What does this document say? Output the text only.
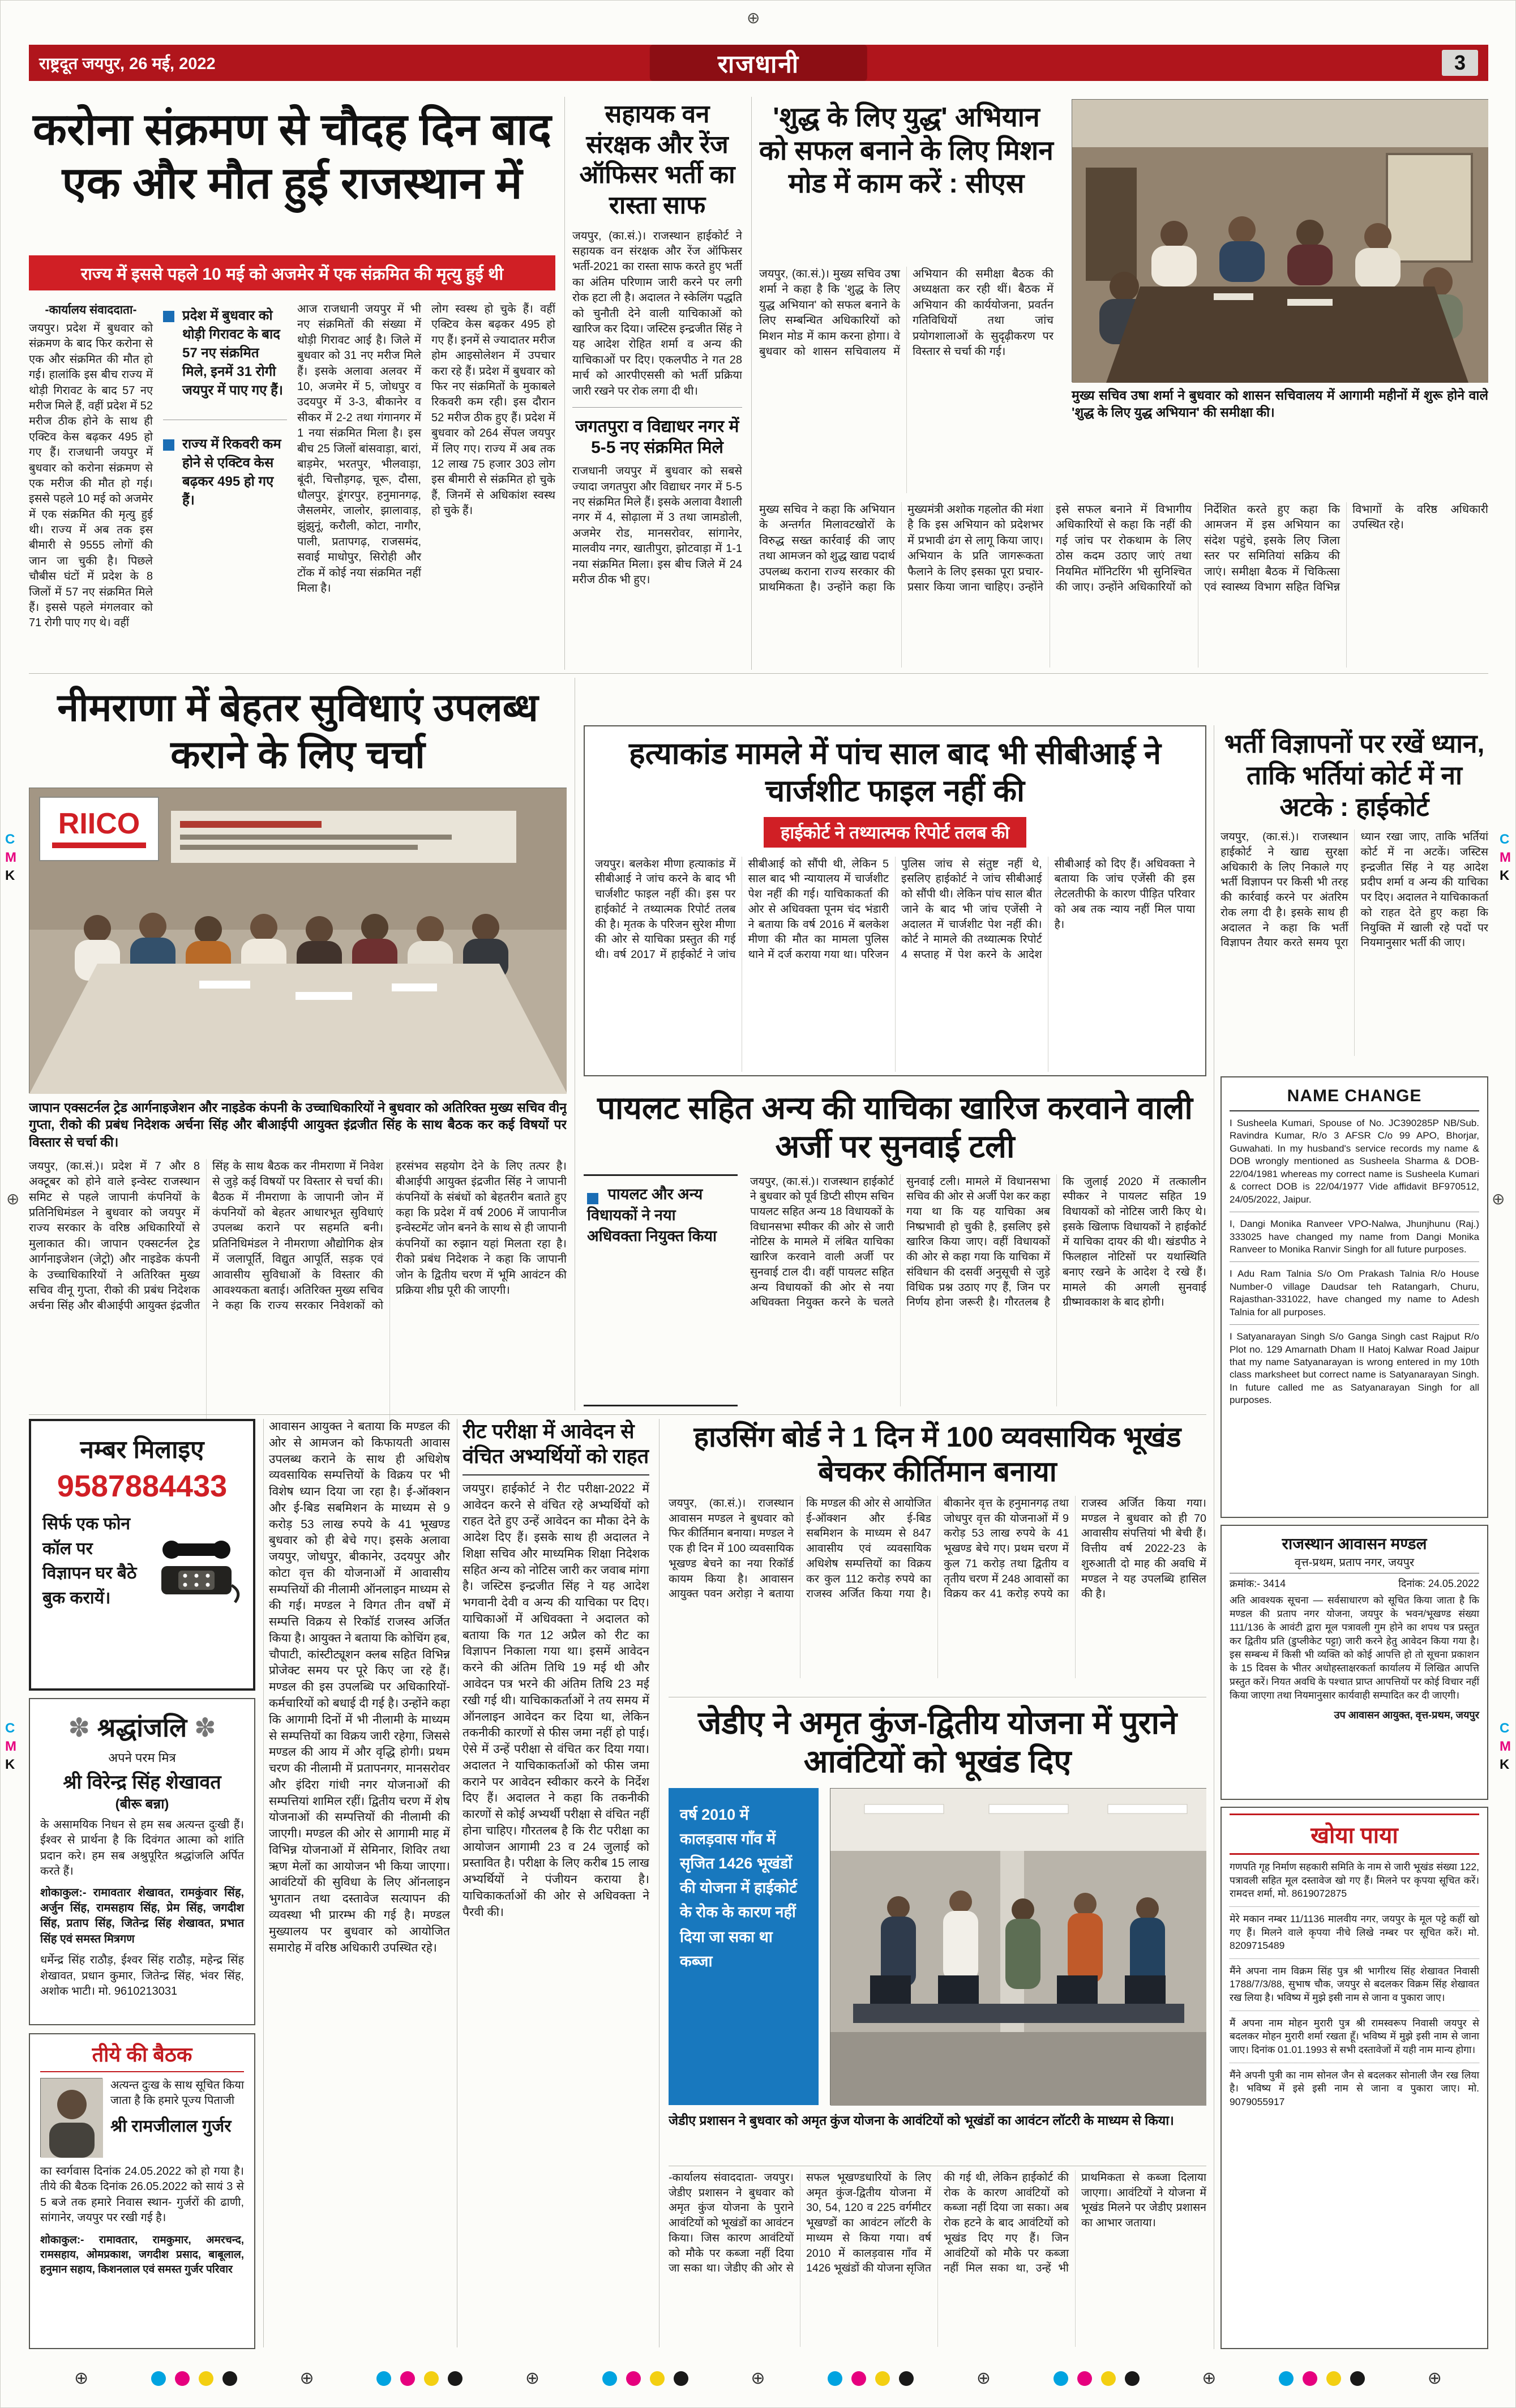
⊕
⊕
⊕
C
M
K
C
M
K
C
M
K
C
M
K
राष्ट्रदूत जयपुर, 26 मई, 2022	राजधानी	3
करोना संक्रमण से चौदह दिन बाद एक और मौत हुई राजस्थान में
राज्य में इससे पहले 10 मई को अजमेर में एक संक्रमित की मृत्यु हुई थी
-कार्यालय संवाददाता-
जयपुर। प्रदेश में बुधवार को संक्रमण के बाद फिर करोना से एक और संक्रमित की मौत हो गई। हालांकि इस बीच राज्य में थोड़ी गिरावट के बाद 57 नए मरीज मिले हैं, वहीं प्रदेश में 52 मरीज ठीक होने के साथ ही एक्टिव केस बढ़कर 495 हो गए हैं। राजधानी जयपुर में बुधवार को करोना संक्रमण से एक मरीज की मौत हो गई। इससे पहले 10 मई को अजमेर में एक संक्रमित की मृत्यु हुई थी। राज्य में अब तक इस बीमारी से 9555 लोगों की जान जा चुकी है। पिछले चौबीस घंटों में प्रदेश के 8 जिलों में 57 नए संक्रमित मिले हैं। इससे पहले मंगलवार को 71 रोगी पाए गए थे। वहीं
प्रदेश में बुधवार को थोड़ी गिरावट के बाद 57 नए संक्रमित मिले, इनमें 31 रोगी जयपुर में पाए गए हैं।
राज्य में रिकवरी कम होने से एक्टिव केस बढ़कर 495 हो गए हैं।
आज राजधानी जयपुर में भी नए संक्रमितों की संख्या में थोड़ी गिरावट आई है। जिले में बुधवार को 31 नए मरीज मिले हैं। इसके अलावा अलवर में 10, अजमेर में 5, जोधपुर व उदयपुर में 3-3, बीकानेर व सीकर में 2-2 तथा गंगानगर में 1 नया संक्रमित मिला है। इस बीच 25 जिलों बांसवाड़ा, बारां, बाड़मेर, भरतपुर, भीलवाड़ा, बूंदी, चित्तौड़गढ़, चूरू, दौसा, धौलपुर, डूंगरपुर, हनुमानगढ़, जैसलमेर, जालोर, झालावाड़, झुंझुनूं, करौली, कोटा, नागौर, पाली, प्रतापगढ़, राजसमंद, सवाई माधोपुर, सिरोही और टोंक में कोई नया संक्रमित नहीं मिला है।
लोग स्वस्थ हो चुके हैं। वहीं एक्टिव केस बढ़कर 495 हो गए हैं। इनमें से ज्यादातर मरीज होम आइसोलेशन में उपचार करा रहे हैं। प्रदेश में बुधवार को फिर नए संक्रमितों के मुकाबले रिकवरी कम रही। इस दौरान 52 मरीज ठीक हुए हैं। प्रदेश में बुधवार को 264 सेंपल जयपुर में लिए गए। राज्य में अब तक 12 लाख 75 हजार 303 लोग इस बीमारी से संक्रमित हो चुके हैं, जिनमें से अधिकांश स्वस्थ हो चुके हैं।
सहायक वन संरक्षक और रेंज ऑफिसर भर्ती का रास्ता साफ
जयपुर, (का.सं.)। राजस्थान हाईकोर्ट ने सहायक वन संरक्षक और रेंज ऑफिसर भर्ती-2021 का रास्ता साफ करते हुए भर्ती का अंतिम परिणाम जारी करने पर लगी रोक हटा ली है। अदालत ने स्केलिंग पद्धति को चुनौती देने वाली याचिकाओं को खारिज कर दिया। जस्टिस इन्द्रजीत सिंह ने यह आदेश रोहित शर्मा व अन्य की याचिकाओं पर दिए। एकलपीठ ने गत 28 मार्च को आरपीएससी को भर्ती प्रक्रिया जारी रखने पर रोक लगा दी थी।
जगतपुरा व विद्याधर नगर में 5-5 नए संक्रमित मिले
राजधानी जयपुर में बुधवार को सबसे ज्यादा जगतपुरा और विद्याधर नगर में 5-5 नए संक्रमित मिले हैं। इसके अलावा वैशाली नगर में 4, सोढ़ाला में 3 तथा जामडोली, अजमेर रोड, मानसरोवर, सांगानेर, मालवीय नगर, खातीपुरा, झोटवाड़ा में 1-1 नया संक्रमित मिला। इस बीच जिले में 24 मरीज ठीक भी हुए।
'शुद्ध के लिए युद्ध' अभियान को सफल बनाने के लिए मिशन मोड में काम करें : सीएस
मुख्य सचिव उषा शर्मा ने बुधवार को शासन सचिवालय में आगामी महीनों में शुरू होने वाले 'शुद्ध के लिए युद्ध अभियान' की समीक्षा की।
जयपुर, (का.सं.)। मुख्य सचिव उषा शर्मा ने कहा है कि 'शुद्ध के लिए युद्ध अभियान' को सफल बनाने के लिए सम्बन्धित अधिकारियों को मिशन मोड में काम करना होगा। वे बुधवार को शासन सचिवालय में अभियान की समीक्षा बैठक की अध्यक्षता कर रही थीं। बैठक में अभियान की कार्ययोजना, प्रवर्तन गतिविधियों तथा जांच प्रयोगशालाओं के सुदृढ़ीकरण पर विस्तार से चर्चा की गई।
मुख्य सचिव ने कहा कि अभियान के अन्तर्गत मिलावटखोरों के विरुद्ध सख्त कार्रवाई की जाए तथा आमजन को शुद्ध खाद्य पदार्थ उपलब्ध कराना राज्य सरकार की प्राथमिकता है। उन्होंने कहा कि मुख्यमंत्री अशोक गहलोत की मंशा है कि इस अभियान को प्रदेशभर में प्रभावी ढंग से लागू किया जाए। अभियान के प्रति जागरूकता फैलाने के लिए इसका पूरा प्रचार-प्रसार किया जाना चाहिए। उन्होंने इसे सफल बनाने में विभागीय अधिकारियों से कहा कि नहीं की गई जांच पर रोकथाम के लिए ठोस कदम उठाए जाएं तथा नियमित मॉनिटरिंग भी सुनिश्चित की जाए। उन्होंने अधिकारियों को निर्देशित करते हुए कहा कि आमजन में इस अभियान का संदेश पहुंचे, इसके लिए जिला स्तर पर समितियां सक्रिय की जाएं। समीक्षा बैठक में चिकित्सा एवं स्वास्थ्य विभाग सहित विभिन्न विभागों के वरिष्ठ अधिकारी उपस्थित रहे।
नीमराणा में बेहतर सुविधाएं उपलब्ध कराने के लिए चर्चा
RIICO
जापान एक्सटर्नल ट्रेड आर्गनाइजेशन और नाइडेक कंपनी के उच्चाधिकारियों ने बुधवार को अतिरिक्त मुख्य सचिव वीनू गुप्ता, रीको की प्रबंध निदेशक अर्चना सिंह और बीआईपी आयुक्त इंद्रजीत सिंह के साथ बैठक कर कई विषयों पर विस्तार से चर्चा की।
जयपुर, (का.सं.)। प्रदेश में 7 और 8 अक्टूबर को होने वाले इन्वेस्ट राजस्थान समिट से पहले जापानी कंपनियों के प्रतिनिधिमंडल ने बुधवार को जयपुर में राज्य सरकार के वरिष्ठ अधिकारियों से मुलाकात की। जापान एक्सटर्नल ट्रेड आर्गनाइजेशन (जेट्रो) और नाइडेक कंपनी के उच्चाधिकारियों ने अतिरिक्त मुख्य सचिव वीनू गुप्ता, रीको की प्रबंध निदेशक अर्चना सिंह और बीआईपी आयुक्त इंद्रजीत सिंह के साथ बैठक कर नीमराणा में निवेश से जुड़े कई विषयों पर विस्तार से चर्चा की। बैठक में नीमराणा के जापानी जोन में कंपनियों को बेहतर आधारभूत सुविधाएं उपलब्ध कराने पर सहमति बनी। प्रतिनिधिमंडल ने नीमराणा औद्योगिक क्षेत्र में जलापूर्ति, विद्युत आपूर्ति, सड़क एवं आवासीय सुविधाओं के विस्तार की आवश्यकता बताई। अतिरिक्त मुख्य सचिव ने कहा कि राज्य सरकार निवेशकों को हरसंभव सहयोग देने के लिए तत्पर है। बीआईपी आयुक्त इंद्रजीत सिंह ने जापानी कंपनियों के संबंधों को बेहतरीन बताते हुए कहा कि प्रदेश में वर्ष 2006 में जापानीज इन्वेस्टमेंट जोन बनने के साथ से ही जापानी कंपनियों का रुझान यहां मिलता रहा है। रीको प्रबंध निदेशक ने कहा कि जापानी जोन के द्वितीय चरण में भूमि आवंटन की प्रक्रिया शीघ्र पूरी की जाएगी।
हत्याकांड मामले में पांच साल बाद भी सीबीआई ने चार्जशीट फाइल नहीं की
हाईकोर्ट ने तथ्यात्मक रिपोर्ट तलब की
जयपुर। बलकेश मीणा हत्याकांड में सीबीआई ने जांच करने के बाद भी चार्जशीट फाइल नहीं की। इस पर हाईकोर्ट ने तथ्यात्मक रिपोर्ट तलब की है। मृतक के परिजन सुरेश मीणा की ओर से याचिका प्रस्तुत की गई थी। वर्ष 2017 में हाईकोर्ट ने जांच सीबीआई को सौंपी थी, लेकिन 5 साल बाद भी न्यायालय में चार्जशीट पेश नहीं की गई। याचिकाकर्ता की ओर से अधिवक्ता पूनम चंद भंडारी ने बताया कि वर्ष 2016 में बलकेश मीणा की मौत का मामला पुलिस थाने में दर्ज कराया गया था। परिजन पुलिस जांच से संतुष्ट नहीं थे, इसलिए हाईकोर्ट ने जांच सीबीआई को सौंपी थी। लेकिन पांच साल बीत जाने के बाद भी जांच एजेंसी ने अदालत में चार्जशीट पेश नहीं की। कोर्ट ने मामले की तथ्यात्मक रिपोर्ट 4 सप्ताह में पेश करने के आदेश सीबीआई को दिए हैं। अधिवक्ता ने बताया कि जांच एजेंसी की इस लेटलतीफी के कारण पीड़ित परिवार को अब तक न्याय नहीं मिल पाया है।
पायलट सहित अन्य की याचिका खारिज करवाने वाली अर्जी पर सुनवाई टली
पायलट और अन्य विधायकों ने नया अधिवक्ता नियुक्त किया
जयपुर, (का.सं.)। राजस्थान हाईकोर्ट ने बुधवार को पूर्व डिप्टी सीएम सचिन पायलट सहित अन्य 18 विधायकों के विधानसभा स्पीकर की ओर से जारी नोटिस के मामले में लंबित याचिका खारिज करवाने वाली अर्जी पर सुनवाई टाल दी। वहीं पायलट सहित अन्य विधायकों की ओर से नया अधिवक्ता नियुक्त करने के चलते सुनवाई टली। मामले में विधानसभा सचिव की ओर से अर्जी पेश कर कहा गया था कि यह याचिका अब निष्प्रभावी हो चुकी है, इसलिए इसे खारिज किया जाए। वहीं विधायकों की ओर से कहा गया कि याचिका में संविधान की दसवीं अनुसूची से जुड़े विधिक प्रश्न उठाए गए हैं, जिन पर निर्णय होना जरूरी है। गौरतलब है कि जुलाई 2020 में तत्कालीन स्पीकर ने पायलट सहित 19 विधायकों को नोटिस जारी किए थे। इसके खिलाफ विधायकों ने हाईकोर्ट में याचिका दायर की थी। खंडपीठ ने फिलहाल नोटिसों पर यथास्थिति बनाए रखने के आदेश दे रखे हैं। मामले की अगली सुनवाई ग्रीष्मावकाश के बाद होगी।
भर्ती विज्ञापनों पर रखें ध्यान, ताकि भर्तियां कोर्ट में ना अटके : हाईकोर्ट
जयपुर, (का.सं.)। राजस्थान हाईकोर्ट ने खाद्य सुरक्षा अधिकारी के लिए निकाले गए भर्ती विज्ञापन पर किसी भी तरह की कार्रवाई करने पर अंतरिम रोक लगा दी है। इसके साथ ही अदालत ने कहा कि भर्ती विज्ञापन तैयार करते समय पूरा ध्यान रखा जाए, ताकि भर्तियां कोर्ट में ना अटकें। जस्टिस इन्द्रजीत सिंह ने यह आदेश प्रदीप शर्मा व अन्य की याचिका पर दिए। अदालत ने याचिकाकर्ता को राहत देते हुए कहा कि नियुक्ति में खाली रहे पदों पर नियमानुसार भर्ती की जाए।
NAME CHANGE

I Susheela Kumari, Spouse of No. JC390285P NB/Sub. Ravindra Kumar, R/o 3 AFSR C/o 99 APO, Bhorjar, Guwahati. In my husband's service records my name & DOB wrongly mentioned as Susheela Sharma & DOB-22/04/1981 whereas my correct name is Susheela Kumari & correct DOB is 22/04/1977 Vide affidavit BF970512, 24/05/2022, Jaipur.

I, Dangi Monika Ranveer VPO-Nalwa, Jhunjhunu (Raj.) 333025 have changed my name from Dangi Monika Ranveer to Monika Ranvir Singh for all future purposes.

I Adu Ram Talnia S/o Om Prakash Talnia R/o House Number-0 village Daudsar teh Ratangarh, Churu, Rajasthan-331022, have changed my name to Adesh Talnia for all purposes.

I Satyanarayan Singh S/o Ganga Singh cast Rajput R/o Plot no. 129 Amarnath Dham II Hatoj Kalwar Road Jaipur that my name Satyanarayan is wrong entered in my 10th class marksheet but correct name is Satyanarayan Singh. In future called me as Satyanarayan Singh for all purposes.

राजस्थान आवासन मण्डल
वृत्त-प्रथम, प्रताप नगर, जयपुर
क्रमांक:- 3414	दिनांक: 24.05.2022
अति आवश्यक सूचना — सर्वसाधारण को सूचित किया जाता है कि मण्डल की प्रताप नगर योजना, जयपुर के भवन/भूखण्ड संख्या 111/136 के आवंटी द्वारा मूल पत्रावली गुम होने का शपथ पत्र प्रस्तुत कर द्वितीय प्रति (डुप्लीकेट पट्टा) जारी करने हेतु आवेदन किया गया है। इस सम्बन्ध में किसी भी व्यक्ति को कोई आपत्ति हो तो सूचना प्रकाशन के 15 दिवस के भीतर अधोहस्ताक्षरकर्ता कार्यालय में लिखित आपत्ति प्रस्तुत करें। नियत अवधि के पश्चात प्राप्त आपत्तियों पर कोई विचार नहीं किया जाएगा तथा नियमानुसार कार्यवाही सम्पादित कर दी जाएगी।
उप आवासन आयुक्त, वृत्त-प्रथम, जयपुर
खोया पाया

गणपति गृह निर्माण सहकारी समिति के नाम से जारी भूखंड संख्या 122, पत्रावली सहित मूल दस्तावेज खो गए हैं। मिलने पर कृपया सूचित करें। रामदत्त शर्मा, मो. 8619072875

मेरे मकान नम्बर 11/1136 मालवीय नगर, जयपुर के मूल पट्टे कहीं खो गए हैं। मिलने वाले कृपया नीचे लिखे नम्बर पर सूचित करें। मो. 8209715489

मैंने अपना नाम विक्रम सिंह पुत्र श्री भागीरथ सिंह शेखावत निवासी 1788/7/3/88, सुभाष चौक, जयपुर से बदलकर विक्रम सिंह शेखावत रख लिया है। भविष्य में मुझे इसी नाम से जाना व पुकारा जाए।

मैं अपना नाम मोहन मुरारी पुत्र श्री रामस्वरूप निवासी जयपुर से बदलकर मोहन मुरारी शर्मा रखता हूँ। भविष्य में मुझे इसी नाम से जाना जाए। दिनांक 01.01.1993 से सभी दस्तावेजों में यही नाम मान्य होगा।

मैंने अपनी पुत्री का नाम सोनल जैन से बदलकर सोनाली जैन रख लिया है। भविष्य में इसे इसी नाम से जाना व पुकारा जाए। मो. 9079055917

नम्बर मिलाइए
9587884433
सिर्फ एक फोन कॉल पर विज्ञापन घर बैठे बुक करायें।
✽ श्रद्धांजलि ✽
अपने परम मित्र
श्री विरेन्द्र सिंह शेखावत
(बीरू बन्ना)
के असामयिक निधन से हम सब अत्यन्त दुःखी हैं। ईश्वर से प्रार्थना है कि दिवंगत आत्मा को शांति प्रदान करे। हम सब अश्रुपूरित श्रद्धांजलि अर्पित करते हैं।
शोकाकुल:- रामावतार शेखावत, रामकुंवार सिंह, अर्जुन सिंह, रामसहाय सिंह, प्रेम सिंह, जगदीश सिंह, प्रताप सिंह, जितेन्द्र सिंह शेखावत, प्रभात सिंह एवं समस्त मित्रगण
धर्मेन्द्र सिंह राठौड़, ईश्वर सिंह राठौड़, महेन्द्र सिंह शेखावत, प्रधान कुमार, जितेन्द्र सिंह, भंवर सिंह, अशोक भाटी। मो. 9610213031
तीये की बैठक
अत्यन्त दुःख के साथ सूचित किया जाता है कि हमारे पूज्य पिताजी
श्री रामजीलाल गुर्जर
का स्वर्गवास दिनांक 24.05.2022 को हो गया है। तीये की बैठक दिनांक 26.05.2022 को सायं 3 से 5 बजे तक हमारे निवास स्थान- गुर्जरों की ढाणी, सांगानेर, जयपुर पर रखी गई है।
शोकाकुल:- रामावतार, रामकुमार, अमरचन्द, रामसहाय, ओमप्रकाश, जगदीश प्रसाद, बाबूलाल, हनुमान सहाय, किशनलाल एवं समस्त गुर्जर परिवार
आवासन आयुक्त ने बताया कि मण्डल की ओर से आमजन को किफायती आवास उपलब्ध कराने के साथ ही अधिशेष व्यवसायिक सम्पत्तियों के विक्रय पर भी विशेष ध्यान दिया जा रहा है। ई-ऑक्शन और ई-बिड सबमिशन के माध्यम से 9 करोड़ 53 लाख रुपये के 41 भूखण्ड बुधवार को ही बेचे गए। इसके अलावा जयपुर, जोधपुर, बीकानेर, उदयपुर और कोटा वृत्त की योजनाओं में आवासीय सम्पत्तियों की नीलामी ऑनलाइन माध्यम से की गई। मण्डल ने विगत तीन वर्षों में सम्पत्ति विक्रय से रिकॉर्ड राजस्व अर्जित किया है। आयुक्त ने बताया कि कोचिंग हब, चौपाटी, कांस्टीट्यूशन क्लब सहित विभिन्न प्रोजेक्ट समय पर पूरे किए जा रहे हैं। मण्डल की इस उपलब्धि पर अधिकारियों-कर्मचारियों को बधाई दी गई है। उन्होंने कहा कि आगामी दिनों में भी नीलामी के माध्यम से सम्पत्तियों का विक्रय जारी रहेगा, जिससे मण्डल की आय में और वृद्धि होगी। प्रथम चरण की नीलामी में प्रतापनगर, मानसरोवर और इंदिरा गांधी नगर योजनाओं की सम्पत्तियां शामिल रहीं। द्वितीय चरण में शेष योजनाओं की सम्पत्तियों की नीलामी की जाएगी। मण्डल की ओर से आगामी माह में विभिन्न योजनाओं में सेमिनार, शिविर तथा ऋण मेलों का आयोजन भी किया जाएगा। आवंटियों की सुविधा के लिए ऑनलाइन भुगतान तथा दस्तावेज सत्यापन की व्यवस्था भी प्रारम्भ की गई है। मण्डल मुख्यालय पर बुधवार को आयोजित समारोह में वरिष्ठ अधिकारी उपस्थित रहे।
रीट परीक्षा में आवेदन से वंचित अभ्यर्थियों को राहत
जयपुर। हाईकोर्ट ने रीट परीक्षा-2022 में आवेदन करने से वंचित रहे अभ्यर्थियों को राहत देते हुए उन्हें आवेदन का मौका देने के आदेश दिए हैं। इसके साथ ही अदालत ने शिक्षा सचिव और माध्यमिक शिक्षा निदेशक सहित अन्य को नोटिस जारी कर जवाब मांगा है। जस्टिस इन्द्रजीत सिंह ने यह आदेश भगवानी देवी व अन्य की याचिका पर दिए। याचिकाओं में अधिवक्ता ने अदालत को बताया कि गत 12 अप्रैल को रीट का विज्ञापन निकाला गया था। इसमें आवेदन करने की अंतिम तिथि 19 मई थी और आवेदन पत्र भरने की अंतिम तिथि 23 मई रखी गई थी। याचिकाकर्ताओं ने तय समय में ऑनलाइन आवेदन कर दिया था, लेकिन तकनीकी कारणों से फीस जमा नहीं हो पाई। ऐसे में उन्हें परीक्षा से वंचित कर दिया गया। अदालत ने याचिकाकर्ताओं को फीस जमा कराने पर आवेदन स्वीकार करने के निर्देश दिए हैं। अदालत ने कहा कि तकनीकी कारणों से कोई अभ्यर्थी परीक्षा से वंचित नहीं होना चाहिए। गौरतलब है कि रीट परीक्षा का आयोजन आगामी 23 व 24 जुलाई को प्रस्तावित है। परीक्षा के लिए करीब 15 लाख अभ्यर्थियों ने पंजीयन कराया है। याचिकाकर्ताओं की ओर से अधिवक्ता ने पैरवी की।
हाउसिंग बोर्ड ने 1 दिन में 100 व्यवसायिक भूखंड बेचकर कीर्तिमान बनाया
जयपुर, (का.सं.)। राजस्थान आवासन मण्डल ने बुधवार को फिर कीर्तिमान बनाया। मण्डल ने एक ही दिन में 100 व्यवसायिक भूखण्ड बेचने का नया रिकॉर्ड कायम किया है। आवासन आयुक्त पवन अरोड़ा ने बताया कि मण्डल की ओर से आयोजित ई-ऑक्शन और ई-बिड सबमिशन के माध्यम से 847 आवासीय एवं व्यवसायिक अधिशेष सम्पत्तियों का विक्रय कर कुल 112 करोड़ रुपये का राजस्व अर्जित किया गया है। बीकानेर वृत्त के हनुमानगढ़ तथा जोधपुर वृत्त की योजनाओं में 9 करोड़ 53 लाख रुपये के 41 भूखण्ड बेचे गए। प्रथम चरण में कुल 71 करोड़ तथा द्वितीय व तृतीय चरण में 248 आवासों का विक्रय कर 41 करोड़ रुपये का राजस्व अर्जित किया गया। मण्डल ने बुधवार को ही 70 आवासीय संपत्तियां भी बेची हैं। वित्तीय वर्ष 2022-23 के शुरुआती दो माह की अवधि में मण्डल ने यह उपलब्धि हासिल की है।
जेडीए ने अमृत कुंज-द्वितीय योजना में पुराने आवंटियों को भूखंड दिए
वर्ष 2010 में कालड़वास गाँव में सृजित 1426 भूखंडों की योजना में हाईकोर्ट के रोक के कारण नहीं दिया जा सका था कब्जा
जेडीए प्रशासन ने बुधवार को अमृत कुंज योजना के आवंटियों को भूखंडों का आवंटन लॉटरी के माध्यम से किया।
-कार्यालय संवाददाता- जयपुर। जेडीए प्रशासन ने बुधवार को अमृत कुंज योजना के पुराने आवंटियों को भूखंडों का आवंटन किया। जिस कारण आवंटियों को मौके पर कब्जा नहीं दिया जा सका था। जेडीए की ओर से सफल भूखण्डधारियों के लिए अमृत कुंज-द्वितीय योजना में 30, 54, 120 व 225 वर्गमीटर भूखण्डों का आवंटन लॉटरी के माध्यम से किया गया। वर्ष 2010 में कालड़वास गाँव में 1426 भूखंडों की योजना सृजित की गई थी, लेकिन हाईकोर्ट की रोक के कारण आवंटियों को कब्जा नहीं दिया जा सका। अब रोक हटने के बाद आवंटियों को भूखंड दिए गए हैं। जिन आवंटियों को मौके पर कब्जा नहीं मिल सका था, उन्हें भी प्राथमिकता से कब्जा दिलाया जाएगा। आवंटियों ने योजना में भूखंड मिलने पर जेडीए प्रशासन का आभार जताया।
⊕
⊕
⊕
⊕
⊕
⊕
⊕
